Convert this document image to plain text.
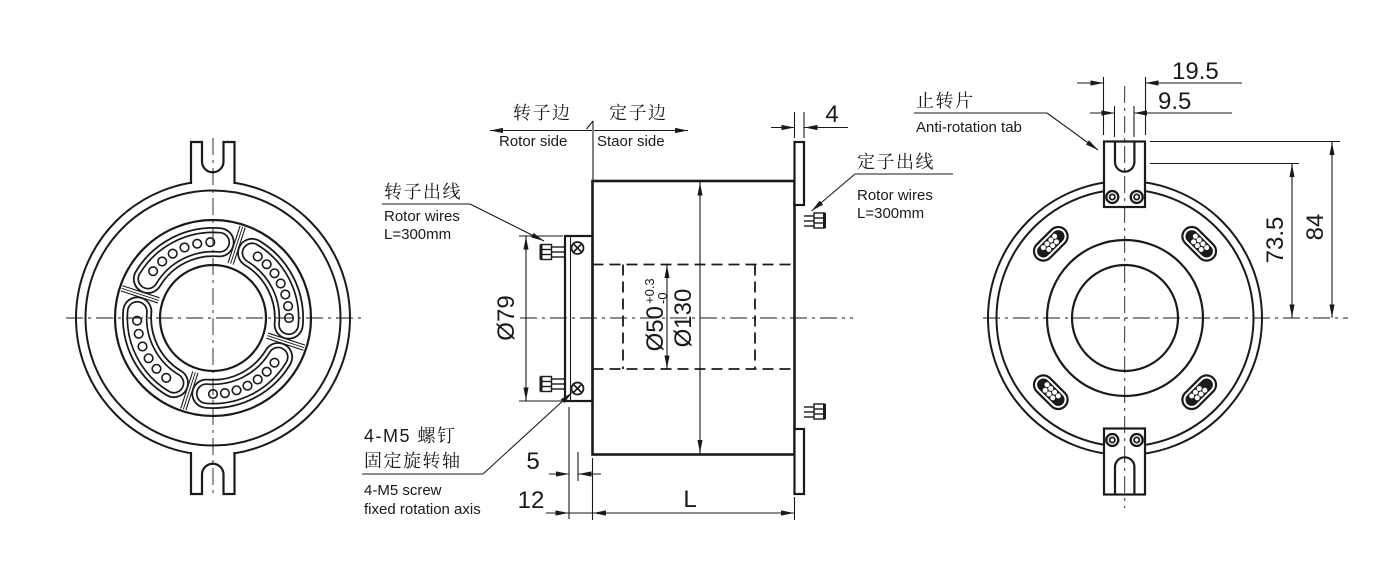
转子边
Rotor side
定子边
Staor side
转子出线
Rotor wires
L=300mm
定子出线
Rotor wires
L=300mm
止转片
Anti-rotation tab
4-M5 螺钉
固定旋转轴
4-M5 screw
fixed rotation axis
4
19.5
9.5
5
12	L
Ø79	Ø130
Ø50
+0.3
-0
73.5 84
